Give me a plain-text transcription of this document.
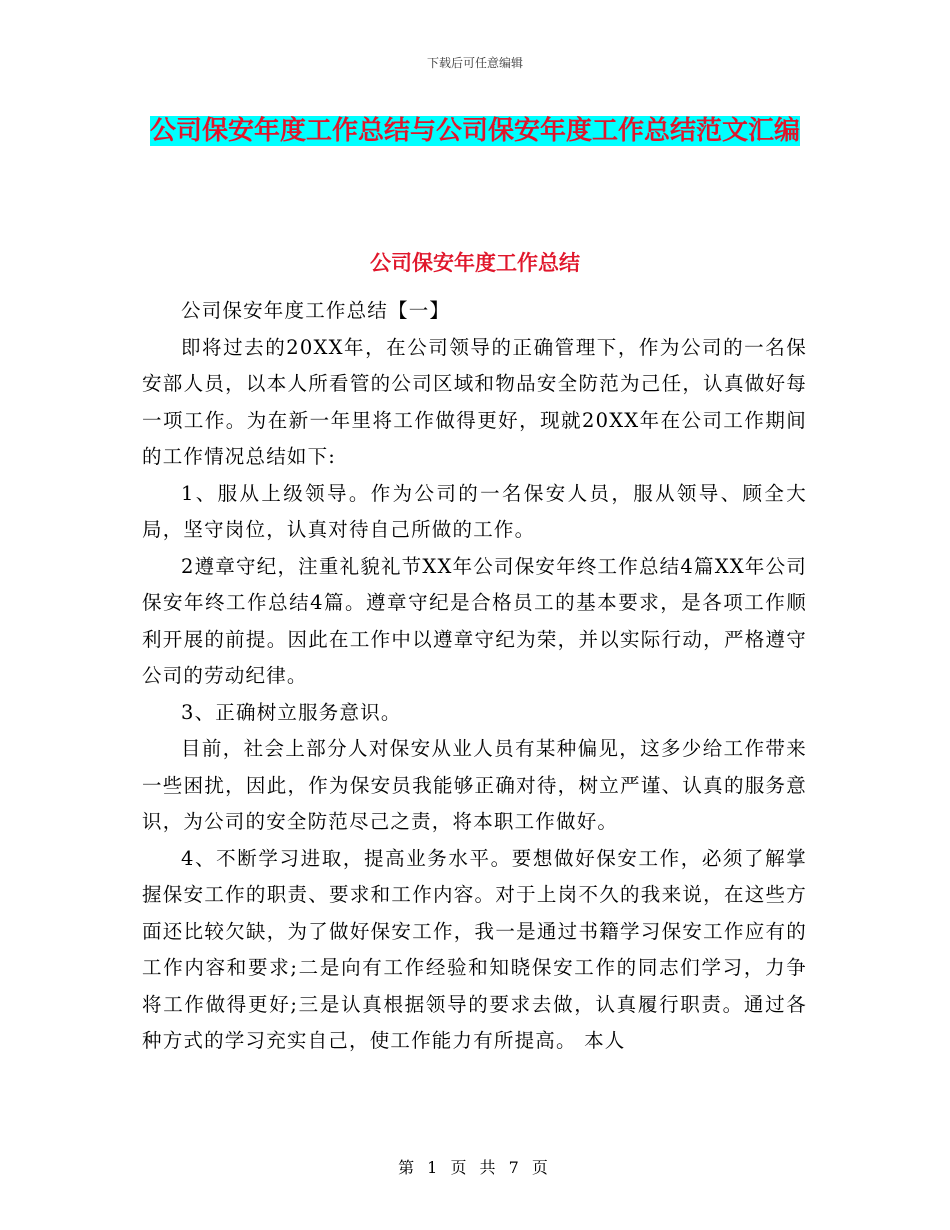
下载后可任意编辑
公司保安年度工作总结与公司保安年度工作总结范文汇编
公司保安年度工作总结

公司保安年度工作总结【一】

即将过去的20XX年，在公司领导的正确管理下，作为公司的一名保安部人员，以本人所看管的公司区域和物品安全防范为己任，认真做好每一项工作。为在新一年里将工作做得更好，现就20XX年在公司工作期间的工作情况总结如下:

1、服从上级领导。作为公司的一名保安人员，服从领导、顾全大局，坚守岗位，认真对待自己所做的工作。

2遵章守纪，注重礼貌礼节XX年公司保安年终工作总结4篇XX年公司保安年终工作总结4篇。遵章守纪是合格员工的基本要求，是各项工作顺利开展的前提。因此在工作中以遵章守纪为荣，并以实际行动，严格遵守公司的劳动纪律。

3、正确树立服务意识。

目前，社会上部分人对保安从业人员有某种偏见，这多少给工作带来一些困扰，因此，作为保安员我能够正确对待，树立严谨、认真的服务意识，为公司的安全防范尽己之责，将本职工作做好。

4、不断学习进取，提高业务水平。要想做好保安工作，必须了解掌握保安工作的职责、要求和工作内容。对于上岗不久的我来说，在这些方面还比较欠缺，为了做好保安工作，我一是通过书籍学习保安工作应有的工作内容和要求;二是向有工作经验和知晓保安工作的同志们学习，力争将工作做得更好;三是认真根据领导的要求去做，认真履行职责。通过各种方式的学习充实自己，使工作能力有所提高。 本人

第 1 页 共 7 页
